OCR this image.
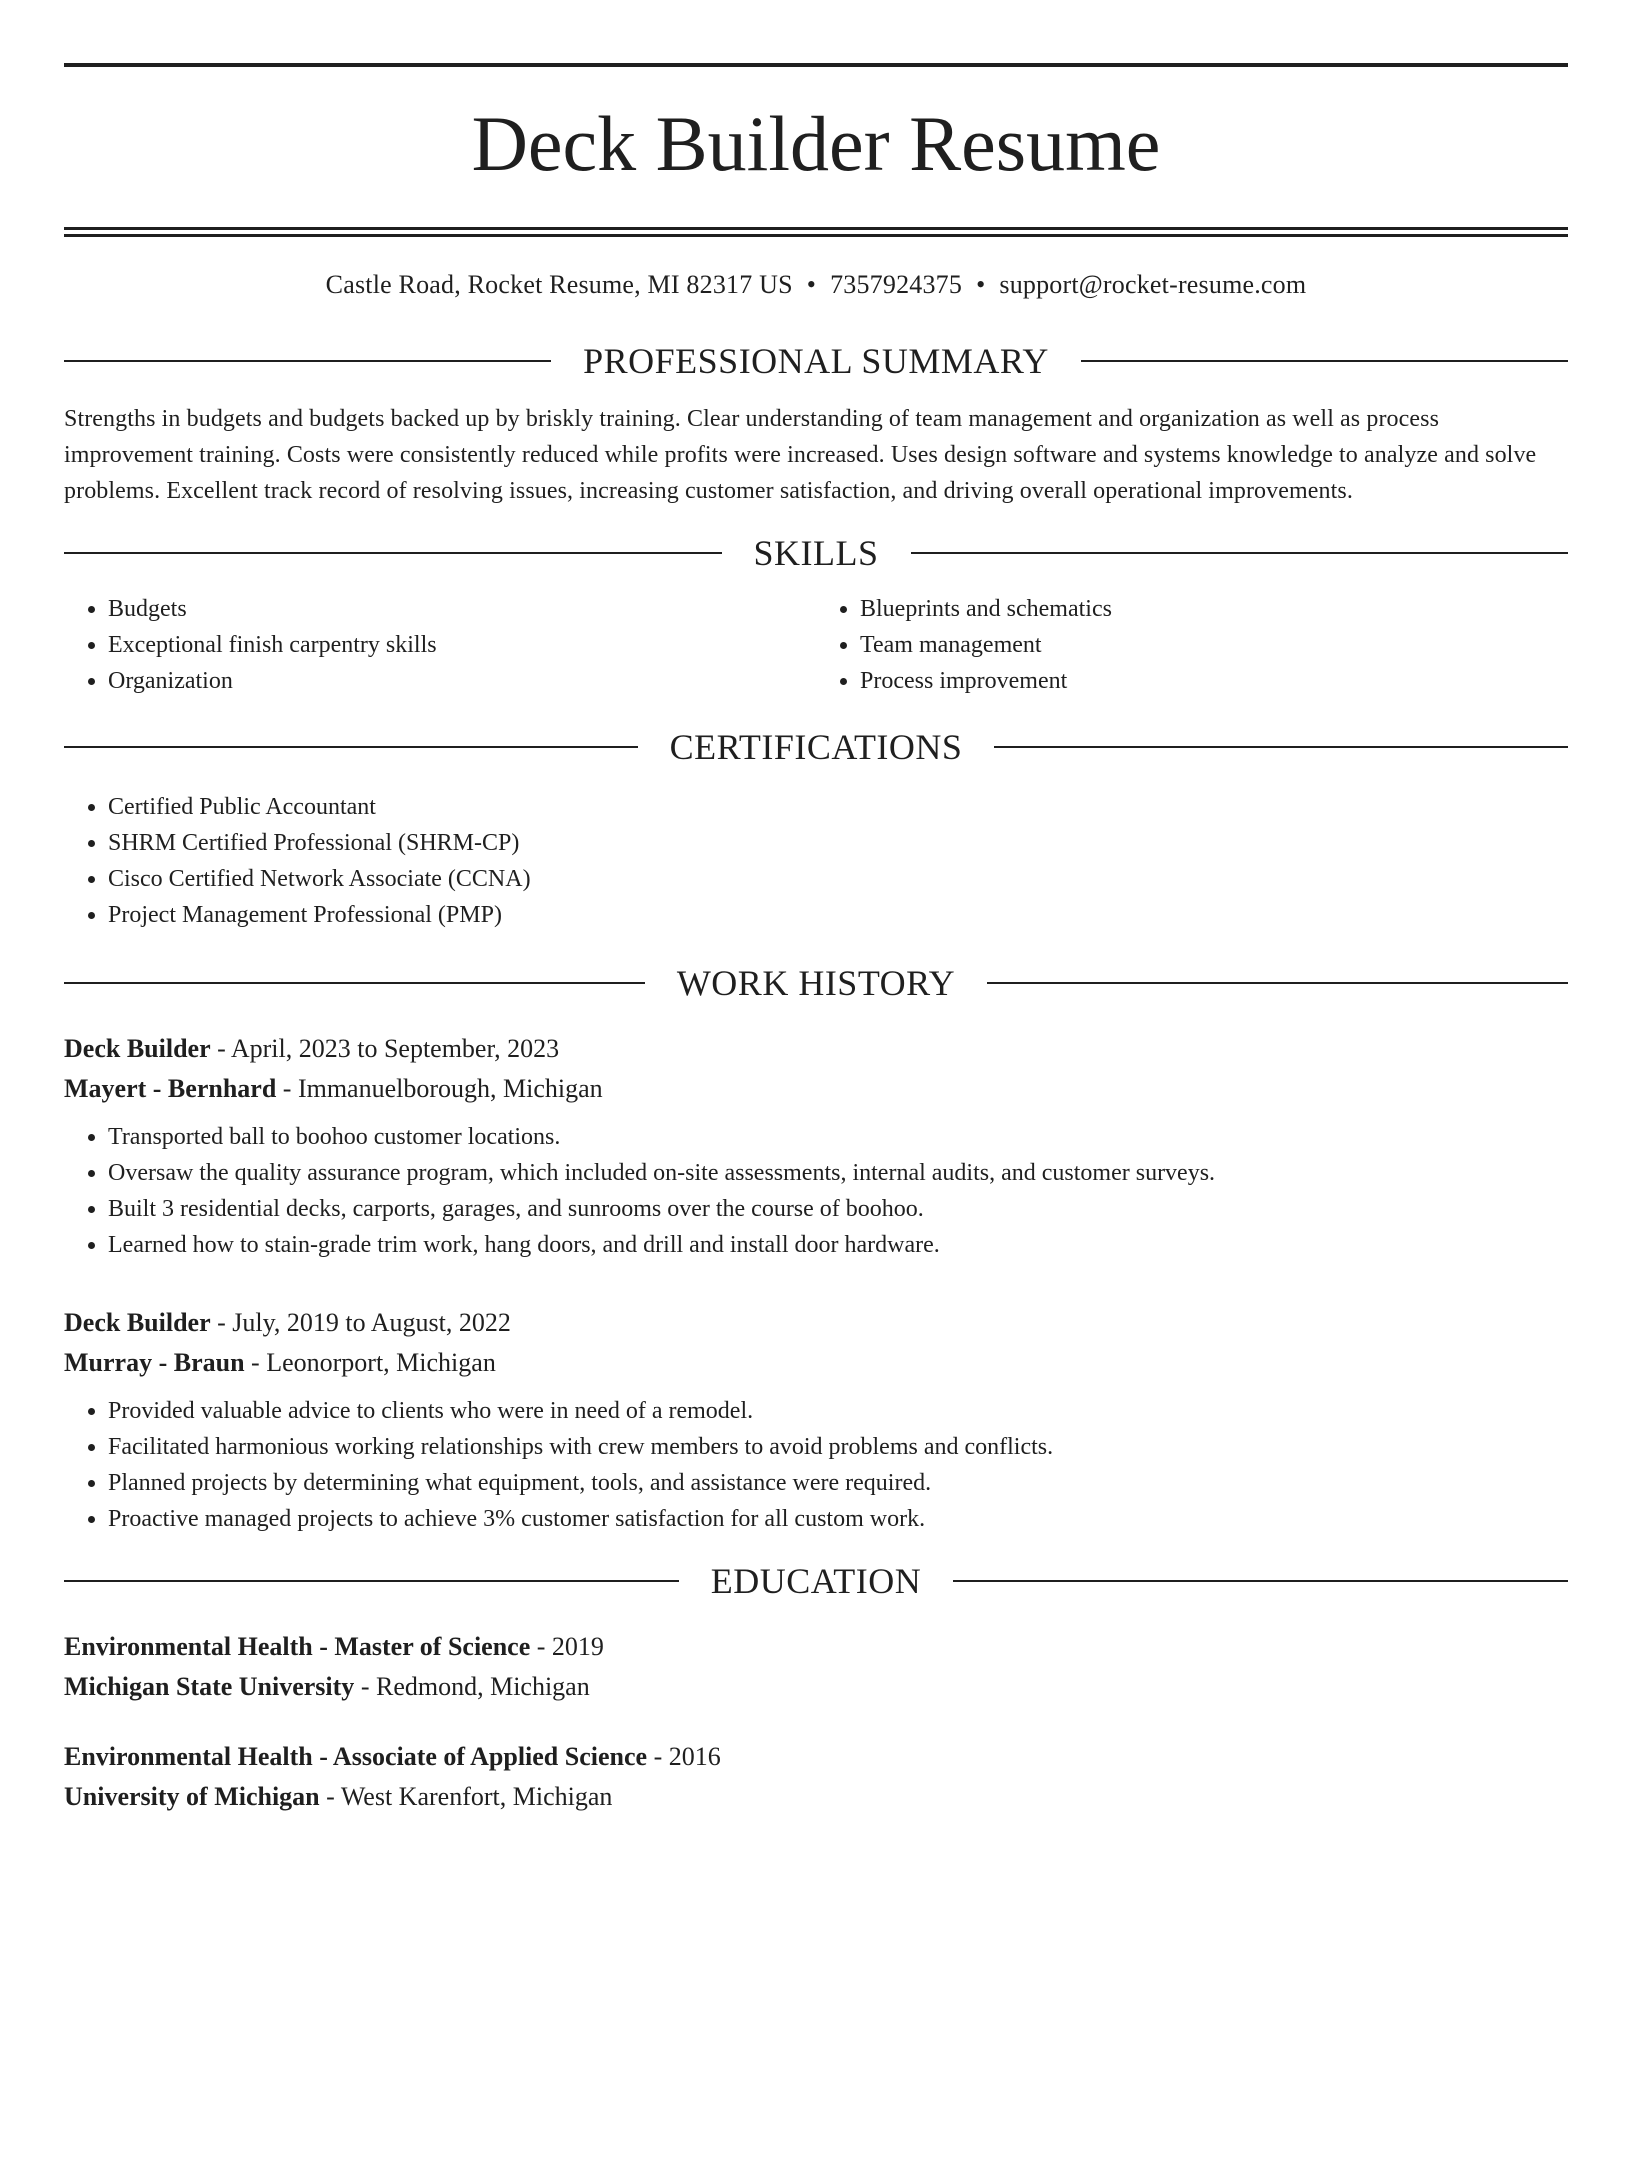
Deck Builder Resume
Castle Road, Rocket Resume, MI 82317 US • 7357924375 • support@rocket-resume.com
PROFESSIONAL SUMMARY
Strengths in budgets and budgets backed up by briskly training. Clear understanding of team management and organization as well as process improvement training. Costs were consistently reduced while profits were increased. Uses design software and systems knowledge to analyze and solve problems. Excellent track record of resolving issues, increasing customer satisfaction, and driving overall operational improvements.
SKILLS
• Budgets
• Exceptional finish carpentry skills
• Organization
• Blueprints and schematics
• Team management
• Process improvement
CERTIFICATIONS
• Certified Public Accountant
• SHRM Certified Professional (SHRM-CP)
• Cisco Certified Network Associate (CCNA)
• Project Management Professional (PMP)
WORK HISTORY
Deck Builder - April, 2023 to September, 2023
Mayert - Bernhard - Immanuelborough, Michigan
• Transported ball to boohoo customer locations.
• Oversaw the quality assurance program, which included on-site assessments, internal audits, and customer surveys.
• Built 3 residential decks, carports, garages, and sunrooms over the course of boohoo.
• Learned how to stain-grade trim work, hang doors, and drill and install door hardware.
Deck Builder - July, 2019 to August, 2022
Murray - Braun - Leonorport, Michigan
• Provided valuable advice to clients who were in need of a remodel.
• Facilitated harmonious working relationships with crew members to avoid problems and conflicts.
• Planned projects by determining what equipment, tools, and assistance were required.
• Proactive managed projects to achieve 3% customer satisfaction for all custom work.
EDUCATION
Environmental Health - Master of Science - 2019
Michigan State University - Redmond, Michigan
Environmental Health - Associate of Applied Science - 2016
University of Michigan - West Karenfort, Michigan
